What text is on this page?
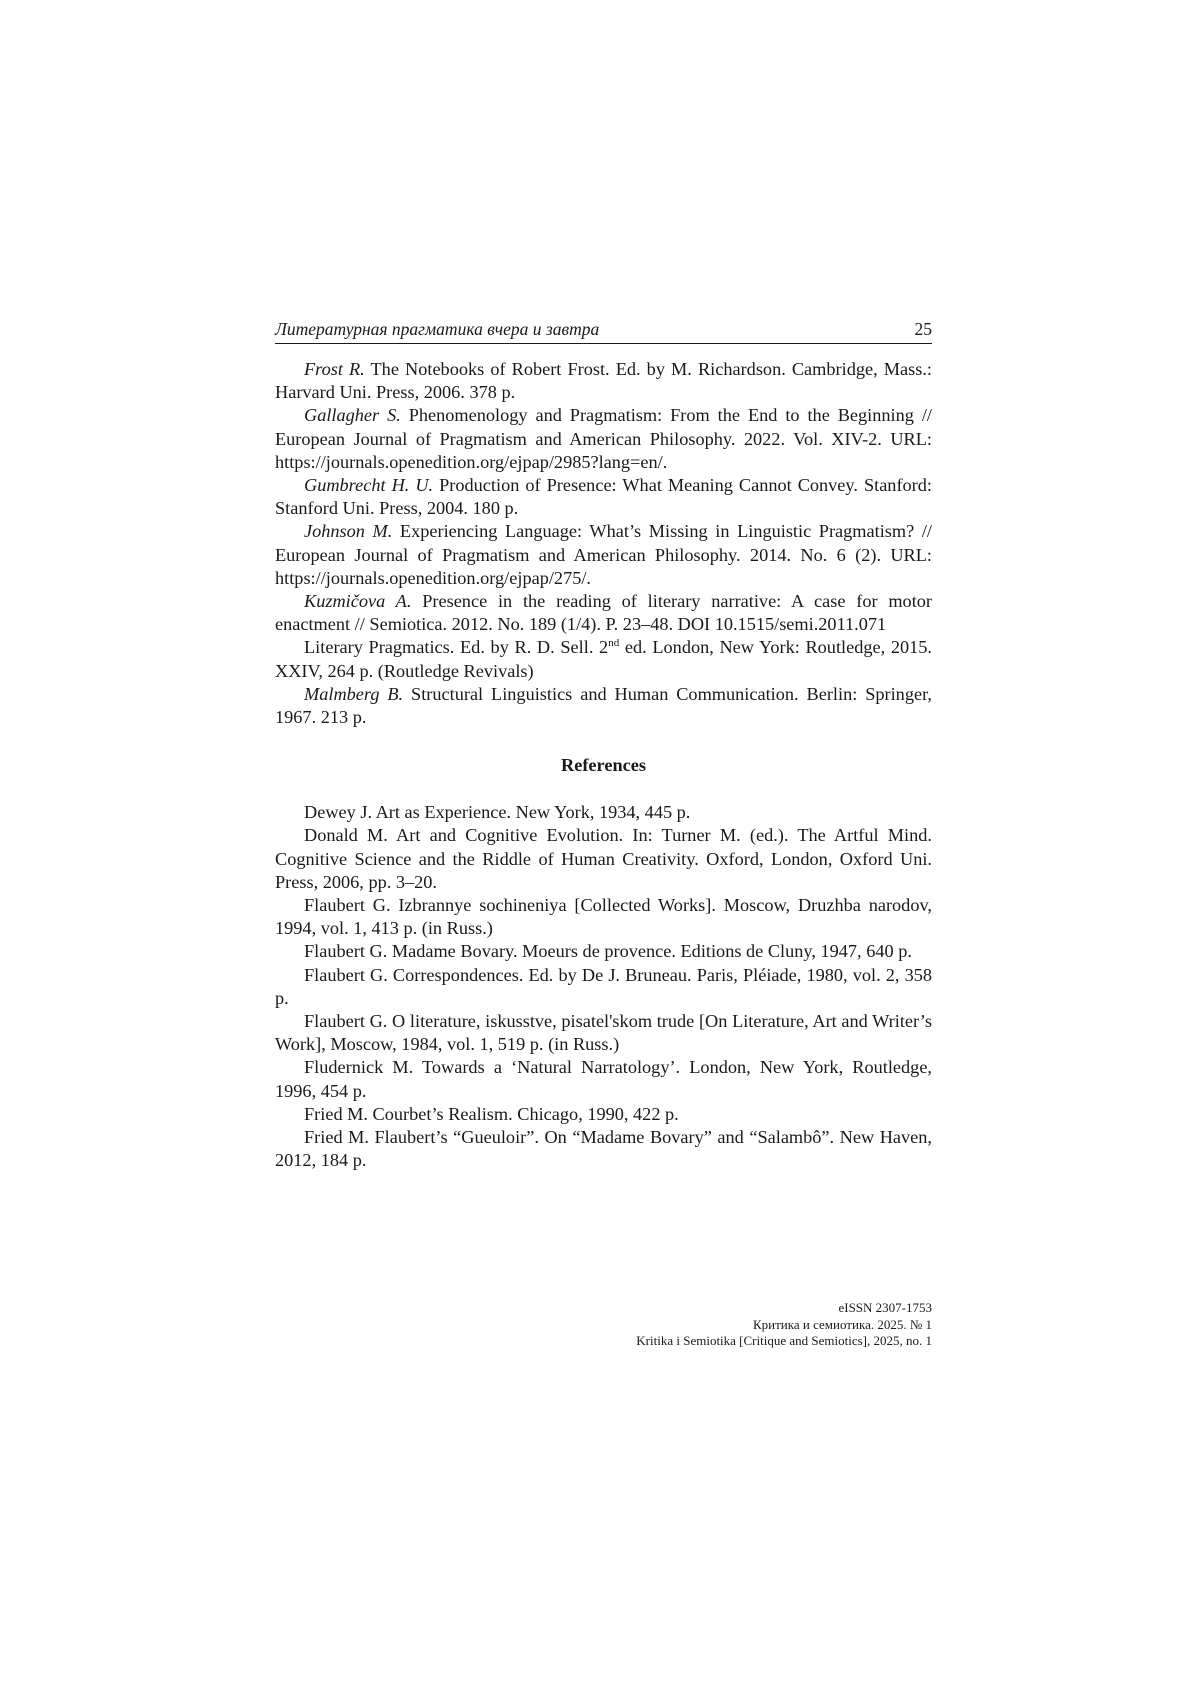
Литературная прагматика вчера и завтра	25

Frost R. The Notebooks of Robert Frost. Ed. by M. Richardson. Cambridge, Mass.: Harvard Uni. Press, 2006. 378 p.

Gallagher S. Phenomenology and Pragmatism: From the End to the Begin­ning // European Journal of Pragmatism and American Philosophy. 2022. Vol. XIV-2. URL: https://journals.openedition.org/ejpap/2985?lang=en/.

Gumbrecht H. U. Production of Presence: What Meaning Cannot Convey. Stanford: Stanford Uni. Press, 2004. 180 p.

Johnson M. Experiencing Language: What’s Missing in Linguistic Pragma­tism? // European Journal of Pragmatism and American Philosophy. 2014. No. 6 (2). URL: https://journals.openedition.org/ejpap/275/.

Kuzmičova A. Presence in the reading of literary narrative: A case for motor enactment // Semiotica. 2012. No. 189 (1/4). P. 23–48. DOI 10.1515/semi.​2011.071

Literary Pragmatics. Ed. by R. D. Sell. 2nd ed. London, New York: Rout­ledge, 2015. XXIV, 264 p. (Routledge Revivals)

Malmberg B. Structural Linguistics and Human Communication. Berlin: Springer, 1967. 213 p.

References

Dewey J. Art as Experience. New York, 1934, 445 p.

Donald M. Art and Cognitive Evolution. In: Turner M. (ed.). The Artful Mind. Cognitive Science and the Riddle of Human Creativity. Oxford, London, Oxford Uni. Press, 2006, pp. 3–20.

Flaubert G. Izbrannye sochineniya [Collected Works]. Moscow, Druzhba narodov, 1994, vol. 1, 413 p. (in Russ.)

Flaubert G. Madame Bovary. Moeurs de provence. Editions de Cluny, 1947, 640 p.

Flaubert G. Correspondences. Ed. by De J. Bruneau. Paris, Pléiade, 1980, vol. 2, 358 p.

Flaubert G. O literature, iskusstve, pisatel'skom trude [On Literature, Art and Writer’s Work], Moscow, 1984, vol. 1, 519 p. (in Russ.)

Fludernick M. Towards a ‘Natural Narratology’. London, New York, Rout­ledge, 1996, 454 p.

Fried M. Courbet’s Realism. Chicago, 1990, 422 p.

Fried M. Flaubert’s “Gueuloir”. On “Madame Bovary” and “Salambô”. New Haven, 2012, 184 p.

eISSN 2307-1753
Критика и семиотика. 2025. № 1
Kritika i Semiotika [Critique and Semiotics], 2025, no. 1
